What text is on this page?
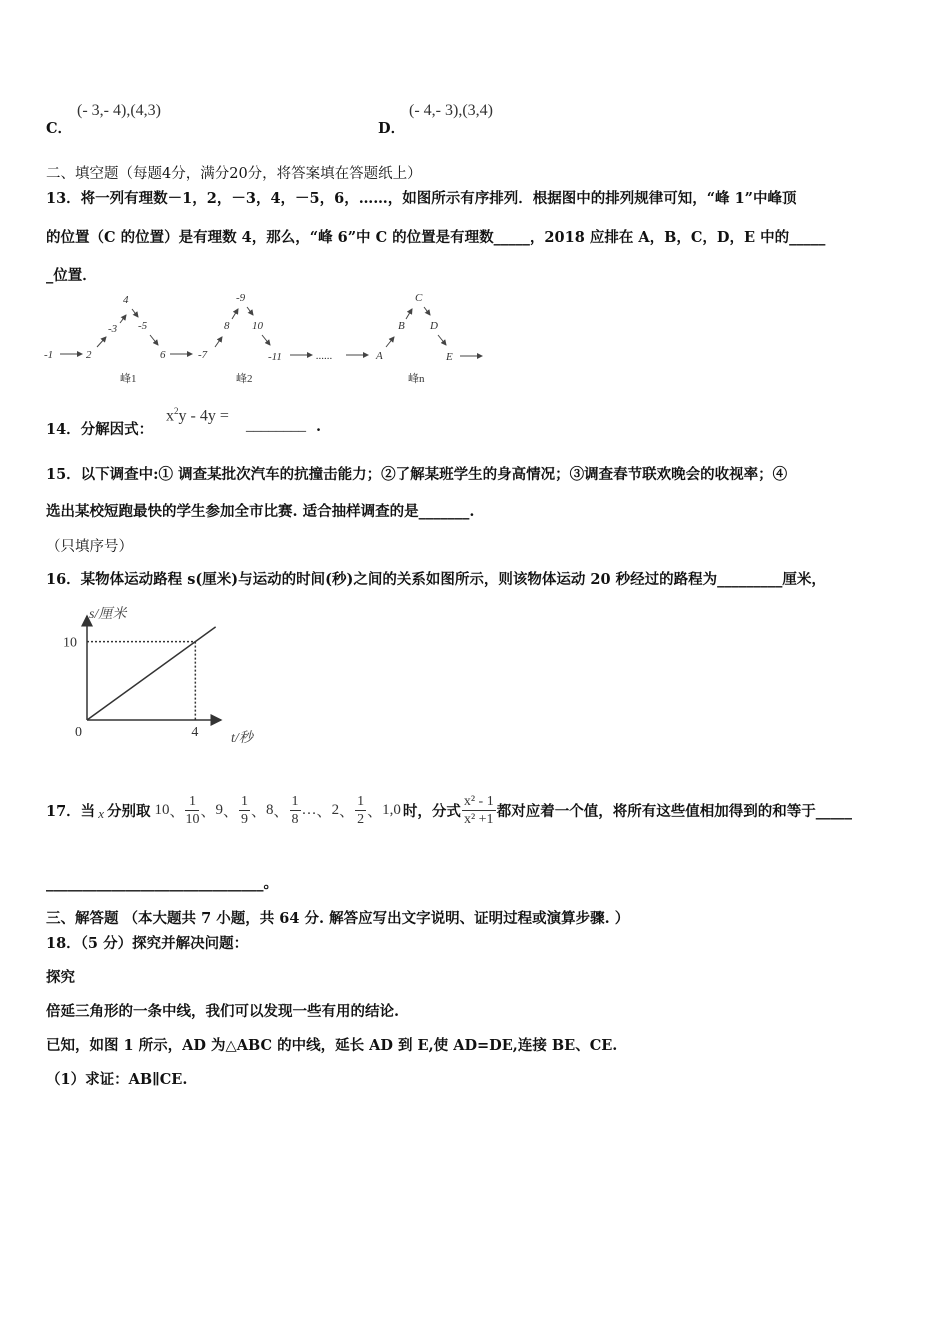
C．
(- 3,- 4),(4,3)
D．
(- 4,- 3),(3,4)
二、填空题（每题4分，满分20分，将答案填在答题纸上）
13．将一列有理数－1，2，－3，4，－5，6，……，如图所示有序排列．根据图中的排列规律可知，“峰 1”中峰顶
的位置（C 的位置）是有理数 4，那么，“峰 6”中 C 的位置是有理数_____，2018 应排在 A，B，C，D，E 中的_____
_位置．
-1	2
-3
4
-5
6	-7
8
-9
10
-11	......	A
B
C
D
E
峰1	峰2	峰n
14．分解因式：
$x^2y - 4y$ =
________ .
15．以下调查中:① 调查某批次汽车的抗撞击能力；②了解某班学生的身高情况；③调查春节联欢晚会的收视率；④
选出某校短跑最快的学生参加全市比赛. 适合抽样调查的是_______.
（只填序号）
16．某物体运动路程 s(厘米)与运动的时间(秒)之间的关系如图所示，则该物体运动 20 秒经过的路程为_________厘米，
s/厘米
t/秒
10
0	4
17．当 x 分别取 10 、 $\frac{1}{10}$ 、 9 、 $\frac{1}{9}$ 、 8 、 $\frac{1}{8}$ … 、 2 、 $\frac{1}{2}$ 、 1,0 时，分式 $\frac{\text{x² - 1}}{\text{x² +1}}$ 都对应着一个值，将所有这些值相加得到的和等于_____
______________________________。
三、解答题 （本大题共 7 小题，共 64 分. 解答应写出文字说明、证明过程或演算步骤. ）
18．（5 分）探究并解决问题：
探究
倍延三角形的一条中线，我们可以发现一些有用的结论.
已知，如图 1 所示，AD 为△ABC 的中线，延长 AD 到 E,使 AD=DE,连接 BE、CE.
（1）求证：AB∥CE.
